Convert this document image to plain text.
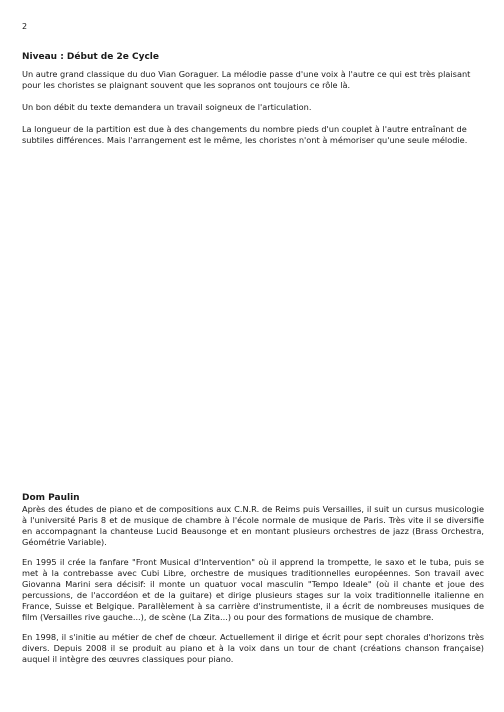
2
Niveau : Début de 2e Cycle

Un autre grand classique du duo Vian Goraguer. La mélodie passe d'une voix à l'autre ce qui est très plaisant pour les choristes se plaignant souvent que les sopranos ont toujours ce rôle là.

Un bon débit du texte demandera un travail soigneux de l'articulation.

La longueur de la partition est due à des changements du nombre pieds d'un couplet à l'autre entraînant de subtiles différences. Mais l'arrangement est le même, les choristes n'ont à mémoriser qu'une seule mélodie.

Dom Paulin

Après des études de piano et de compositions aux C.N.R. de Reims puis Versailles, il suit un cursus musicologie à l'université Paris 8 et de musique de chambre à l'école normale de musique de Paris. Très vite il se diversifie en accompagnant la chanteuse Lucid Beausonge et en montant plusieurs orchestres de jazz (Brass Orchestra, Géométrie Variable).

En 1995 il crée la fanfare "Front Musical d'Intervention" où il apprend la trompette, le saxo et le tuba, puis se met à la contrebasse avec Cubi Libre, orchestre de musiques traditionnelles européennes. Son travail avec Giovanna Marini sera décisif: il monte un quatuor vocal masculin "Tempo Ideale" (où il chante et joue des percussions, de l'accordéon et de la guitare) et dirige plusieurs stages sur la voix traditionnelle italienne en France, Suisse et Belgique. Parallèlement à sa carrière d'instrumentiste, il a écrit de nombreuses musiques de film (Versailles rive gauche...), de scène (La Zita...) ou pour des formations de musique de chambre.

En 1998, il s'initie au métier de chef de chœur. Actuellement il dirige et écrit pour sept chorales d'horizons très divers. Depuis 2008 il se produit au piano et à la voix dans un tour de chant (créations chanson française) auquel il intègre des œuvres classiques pour piano.
